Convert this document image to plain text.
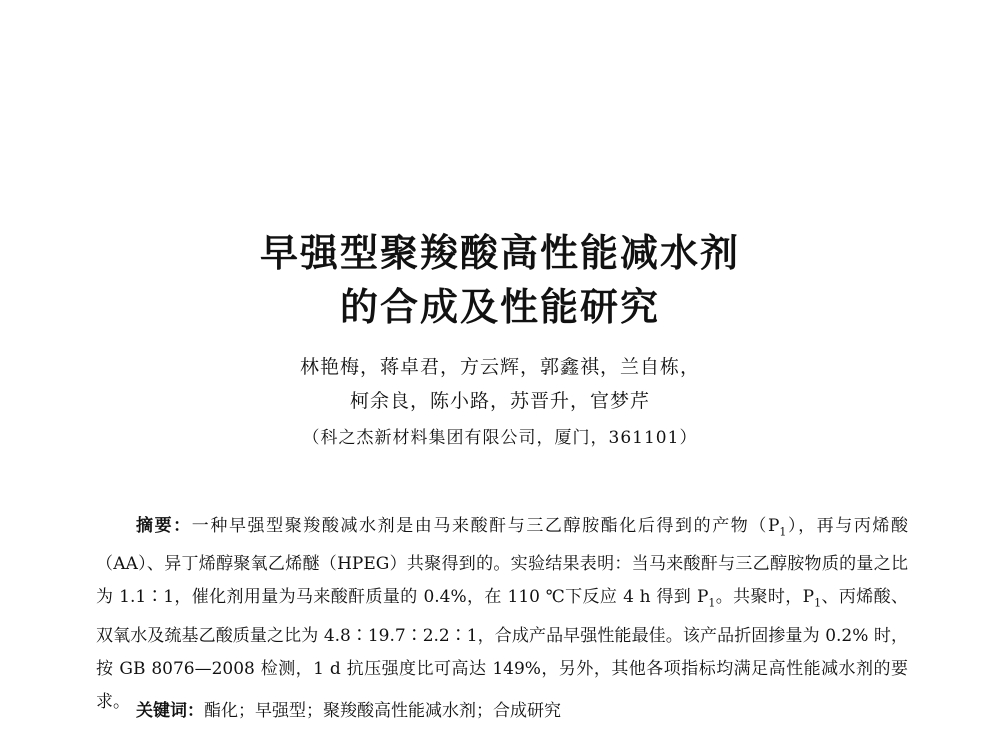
早强型聚羧酸高性能减水剂
的合成及性能研究
林艳梅，蒋卓君，方云辉，郭鑫祺，兰自栋，
柯余良，陈小路，苏晋升，官梦芹
（科之杰新材料集团有限公司，厦门，361101）

摘要：一种早强型聚羧酸减水剂是由马来酸酐与三乙醇胺酯化后得到的产物$(P_1)$，再与丙烯酸（AA）、异丁烯醇聚氧乙烯醚（HPEG）共聚得到的。实验结果表明：当马来酸酐与三乙醇胺物质的量之比为 1.1∶1，催化剂用量为马来酸酐质量的 0.4%，在 110 ℃下反应 4 h 得到 $P_1$。共聚时，$P_1$、丙烯酸、双氧水及巯基乙酸质量之比为 4.8∶19.7∶2.2∶1，合成产品早强性能最佳。该产品折固掺量为 0.2% 时，按 GB 8076—2008 检测，1 d 抗压强度比可高达 149%，另外，其他各项指标均满足高性能减水剂的要求。 关键词：酯化；早强型；聚羧酸高性能减水剂；合成研究
